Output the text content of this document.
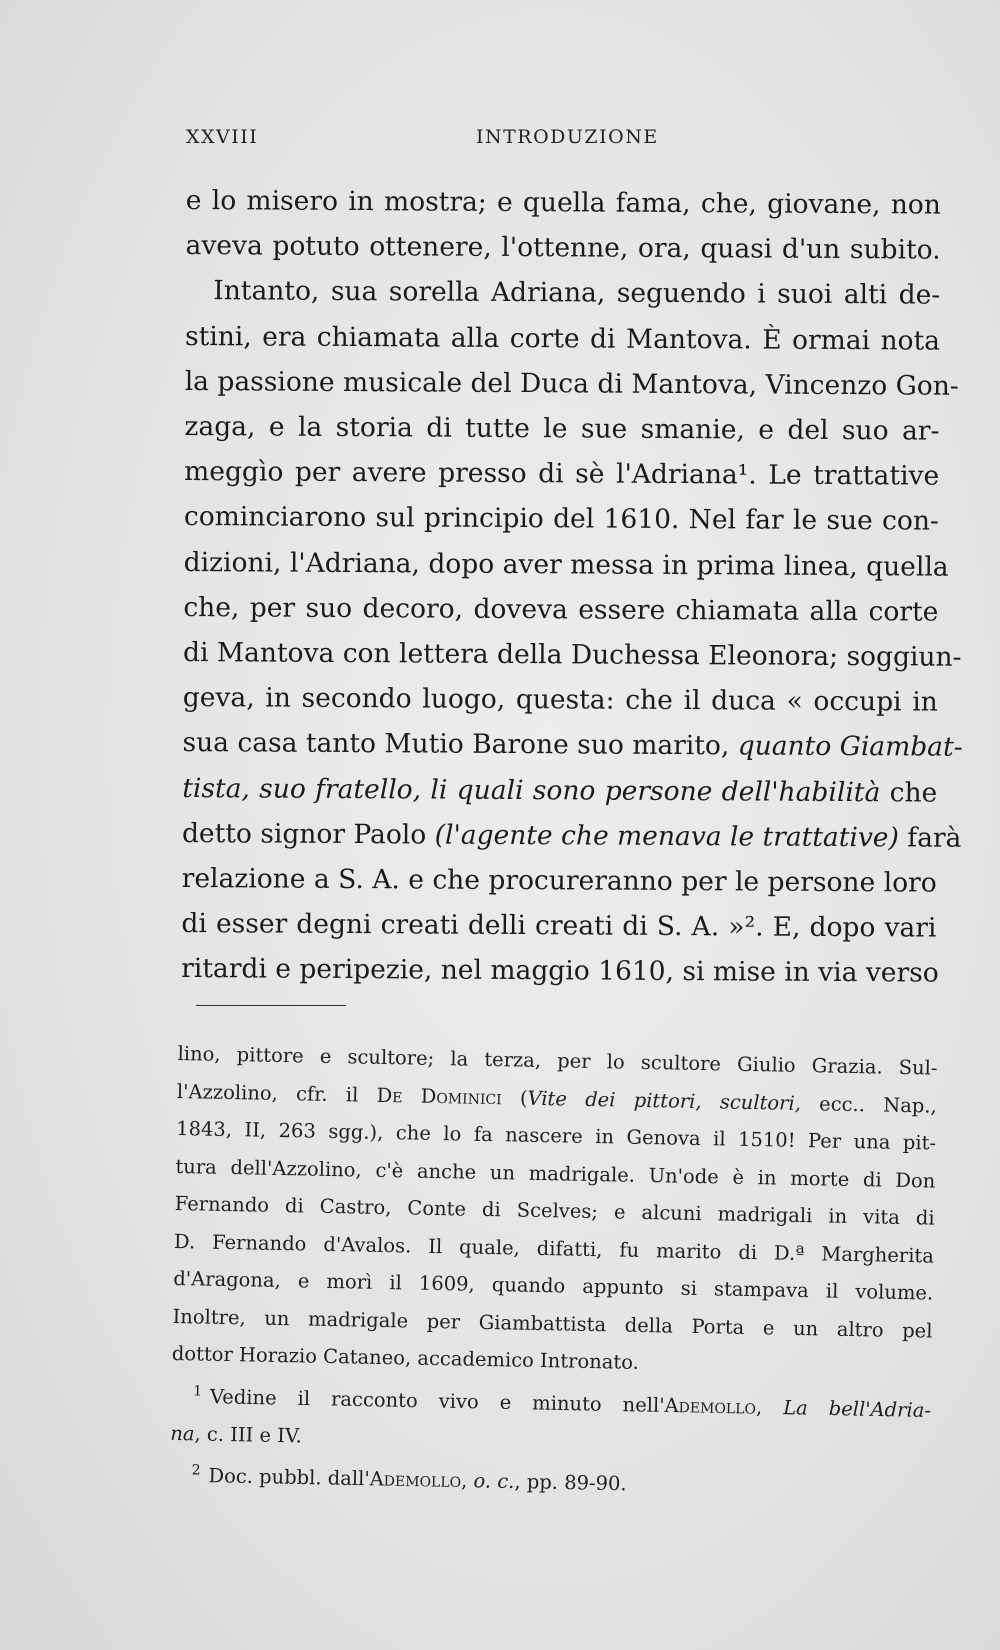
XXVIII	INTRODUZIONE
e lo misero in mostra; e quella fama, che, giovane, non
aveva potuto ottenere, l'ottenne, ora, quasi d'un subito.
Intanto, sua sorella Adriana, seguendo i suoi alti de-
stini, era chiamata alla corte di Mantova. È ormai nota
la passione musicale del Duca di Mantova, Vincenzo Gon-
zaga, e la storia di tutte le sue smanie, e del suo ar-
meggìo per avere presso di sè l'Adriana¹. Le trattative
cominciarono sul principio del 1610. Nel far le sue con-
dizioni, l'Adriana, dopo aver messa in prima linea, quella
che, per suo decoro, doveva essere chiamata alla corte
di Mantova con lettera della Duchessa Eleonora; soggiun-
geva, in secondo luogo, questa: che il duca « occupi in
sua casa tanto Mutio Barone suo marito, quanto Giambat-
tista, suo fratello, li quali sono persone dell'habilità che
detto signor Paolo (l'agente che menava le trattative) farà
relazione a S. A. e che procureranno per le persone loro
di esser degni creati delli creati di S. A. »². E, dopo vari
ritardi e peripezie, nel maggio 1610, si mise in via verso
lino, pittore e scultore; la terza, per lo scultore Giulio Grazia. Sul-
l'Azzolino, cfr. il De Dominici (Vite dei pittori, scultori, ecc.. Nap.,
1843, II, 263 sgg.), che lo fa nascere in Genova il 1510! Per una pit-
tura dell'Azzolino, c'è anche un madrigale. Un'ode è in morte di Don
Fernando di Castro, Conte di Scelves; e alcuni madrigali in vita di
D. Fernando d'Avalos. Il quale, difatti, fu marito di D.ª Margherita
d'Aragona, e morì il 1609, quando appunto si stampava il volume.
Inoltre, un madrigale per Giambattista della Porta e un altro pel
dottor Horazio Cataneo, accademico Intronato.
$^1$ Vedine il racconto vivo e minuto nell'Ademollo, La bell'Adria-
na, c. III e IV.
$^2$ Doc. pubbl. dall'Ademollo, o. c., pp. 89-90.
